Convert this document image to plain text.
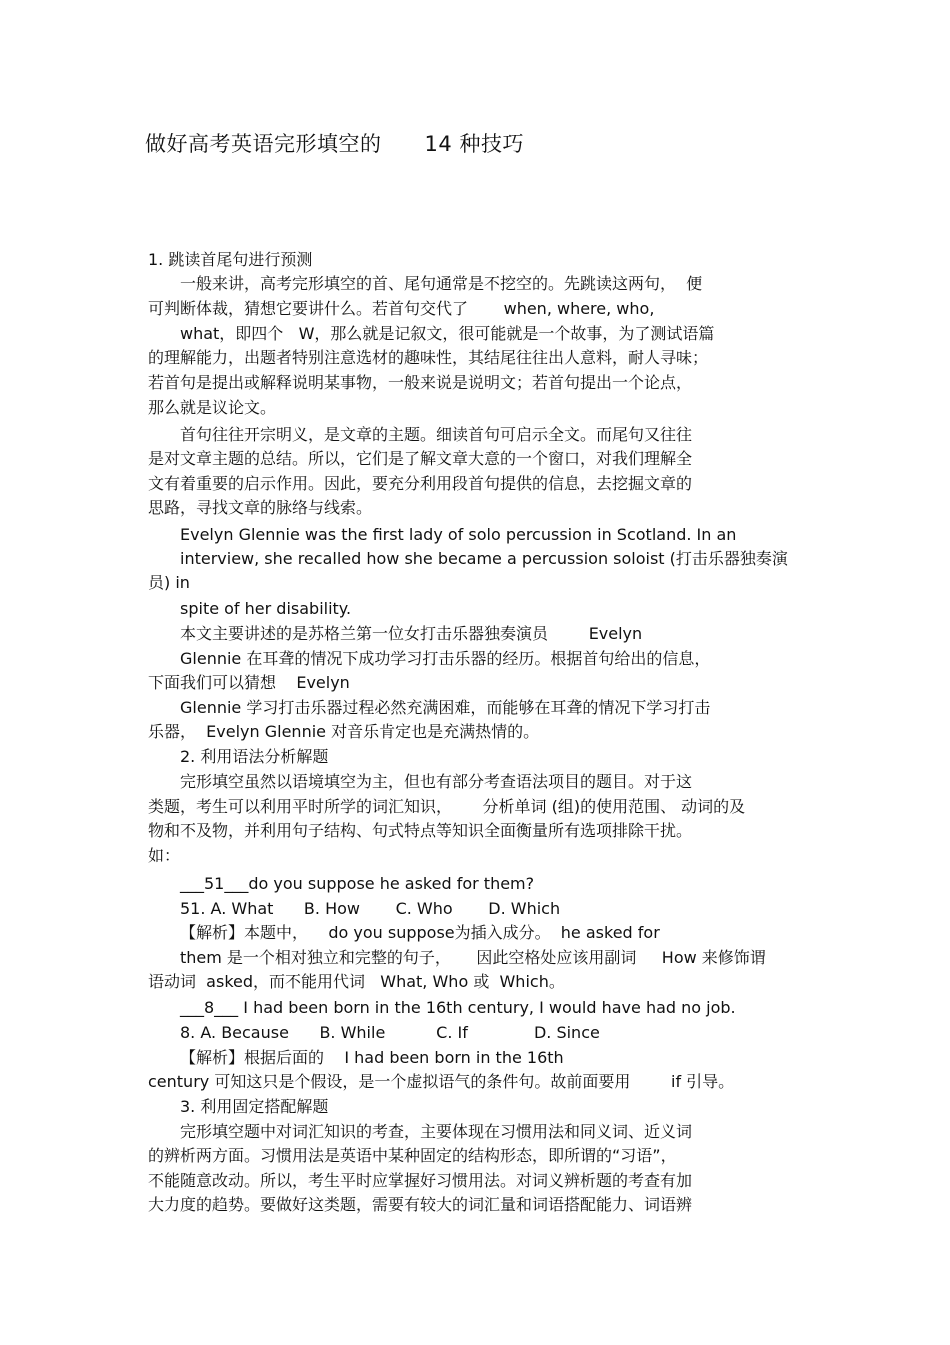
做好高考英语完形填空的      14 种技巧
1. 跳读首尾句进行预测
一般来讲，高考完形填空的首、尾句通常是不挖空的。先跳读这两句，  便
可判断体裁，猜想它要讲什么。若首句交代了       when, where, who,
what，即四个   W，那么就是记叙文，很可能就是一个故事，为了测试语篇
的理解能力，出题者特别注意选材的趣味性，其结尾往往出人意料，耐人寻味；
若首句是提出或解释说明某事物，一般来说是说明文；若首句提出一个论点，
那么就是议论文。
首句往往开宗明义，是文章的主题。细读首句可启示全文。而尾句又往往
是对文章主题的总结。所以，它们是了解文章大意的一个窗口，对我们理解全
文有着重要的启示作用。因此，要充分利用段首句提供的信息，去挖掘文章的
思路，寻找文章的脉络与线索。
Evelyn Glennie was the first lady of solo percussion in Scotland. In an
interview, she recalled how she became a percussion soloist (打击乐器独奏演
员) in
spite of her disability.
本文主要讲述的是苏格兰第一位女打击乐器独奏演员        Evelyn
Glennie 在耳聋的情况下成功学习打击乐器的经历。根据首句给出的信息，
下面我们可以猜想    Evelyn
Glennie 学习打击乐器过程必然充满困难，而能够在耳聋的情况下学习打击
乐器，  Evelyn Glennie 对音乐肯定也是充满热情的。
2. 利用语法分析解题
完形填空虽然以语境填空为主，但也有部分考查语法项目的题目。对于这
类题，考生可以利用平时所学的词汇知识，      分析单词 (组)的使用范围、 动词的及
物和不及物，并利用句子结构、句式特点等知识全面衡量所有选项排除干扰。
如：
___51___do you suppose he asked for them?
51. A. What      B. How       C. Who       D. Which
【解析】本题中，    do you suppose为插入成分。  he asked for
them 是一个相对独立和完整的句子，     因此空格处应该用副词     How 来修饰谓
语动词  asked，而不能用代词   What, Who 或  Which。
___8___ I had been born in the 16th century, I would have had no job.
8. A. Because      B. While          C. If             D. Since
【解析】根据后面的    I had been born in the 16th
century 可知这只是个假设，是一个虚拟语气的条件句。故前面要用        if 引导。
3. 利用固定搭配解题
完形填空题中对词汇知识的考查，主要体现在习惯用法和同义词、近义词
的辨析两方面。习惯用法是英语中某种固定的结构形态，即所谓的“习语”，
不能随意改动。所以，考生平时应掌握好习惯用法。对词义辨析题的考查有加
大力度的趋势。要做好这类题，需要有较大的词汇量和词语搭配能力、词语辨
